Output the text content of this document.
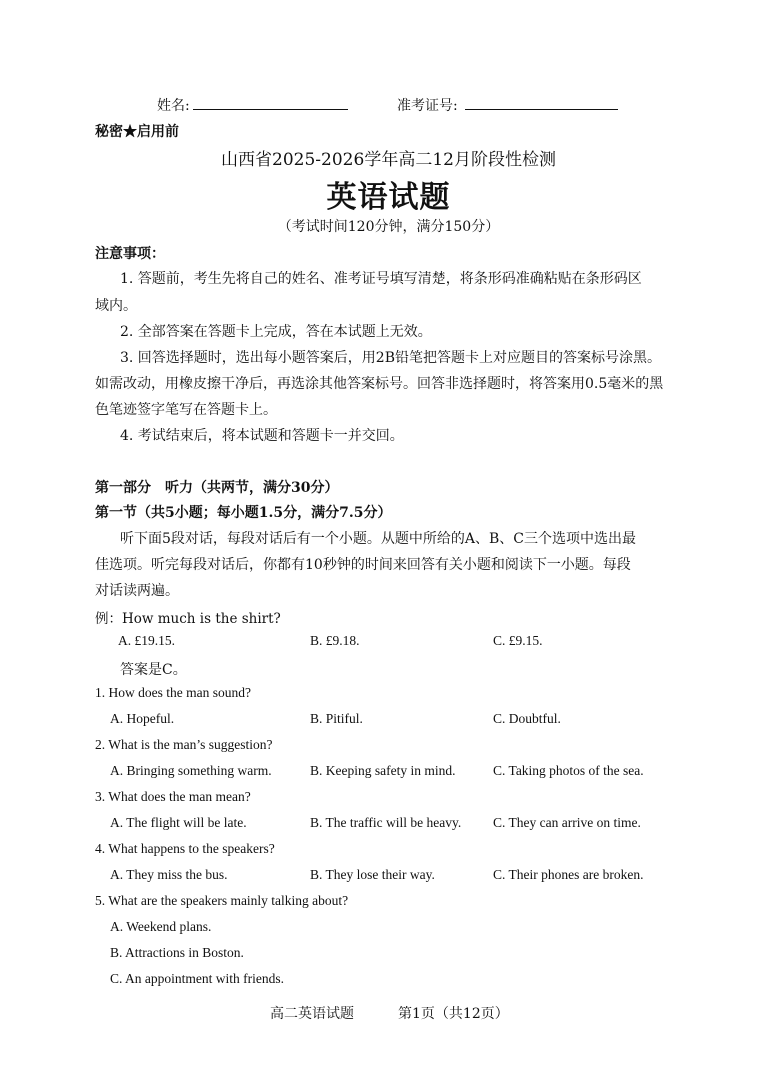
姓名:	准考证号:
秘密★启用前
山西省2025-2026学年高二12月阶段性检测
英语试题
（考试时间120分钟，满分150分）
注意事项：
1. 答题前，考生先将自己的姓名、准考证号填写清楚，将条形码准确粘贴在条形码区
域内。
2. 全部答案在答题卡上完成，答在本试题上无效。
3. 回答选择题时，选出每小题答案后，用2B铅笔把答题卡上对应题目的答案标号涂黑。
如需改动，用橡皮擦干净后，再选涂其他答案标号。回答非选择题时，将答案用0.5毫米的黑
色笔迹签字笔写在答题卡上。
4. 考试结束后，将本试题和答题卡一并交回。
第一部分　听力（共两节，满分30分）
第一节（共5小题；每小题1.5分，满分7.5分）
听下面5段对话，每段对话后有一个小题。从题中所给的A、B、C三个选项中选出最
佳选项。听完每段对话后，你都有10秒钟的时间来回答有关小题和阅读下一小题。每段
对话读两遍。
例：How much is the shirt?
A. £19.15.	B. £9.18.	C. £9.15.
答案是C。
1. How does the man sound?
A. Hopeful.	B. Pitiful.	C. Doubtful.
2. What is the man’s suggestion?
A. Bringing something warm.	B. Keeping safety in mind.	C. Taking photos of the sea.
3. What does the man mean?
A. The flight will be late.	B. The traffic will be heavy. C. They can arrive on time.
4. What happens to the speakers?
A. They miss the bus.	B. They lose their way.	C. Their phones are broken.
5. What are the speakers mainly talking about?
A. Weekend plans.
B. Attractions in Boston.
C. An appointment with friends.
高二英语试题	第1页（共12页）
